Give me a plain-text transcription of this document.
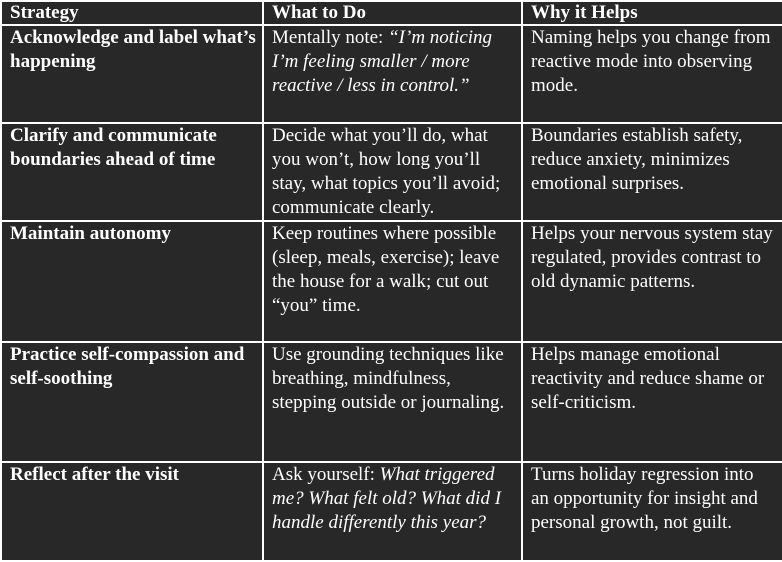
Strategy	What to Do	Why it Helps
Acknowledge and label what’s happening	Mentally note: “I’m noticing I’m feeling smaller / more reactive / less in control.”	Naming helps you change from reactive mode into observing mode.
Clarify and communicate boundaries ahead of time	Decide what you’ll do, what you won’t, how long you’ll stay, what topics you’ll avoid; communicate clearly.	Boundaries establish safety, reduce anxiety, minimizes emotional surprises.
Maintain autonomy	Keep routines where possible (sleep, meals, exercise); leave the house for a walk; cut out “you” time.	Helps your nervous system stay regulated, provides contrast to old dynamic patterns.
Practice self-compassion and self-soothing	Use grounding techniques like breathing, mindfulness, stepping outside or journaling.	Helps manage emotional reactivity and reduce shame or self-criticism.
Reflect after the visit	Ask yourself: What triggered me? What felt old? What did I handle differently this year?	Turns holiday regression into an opportunity for insight and personal growth, not guilt.
